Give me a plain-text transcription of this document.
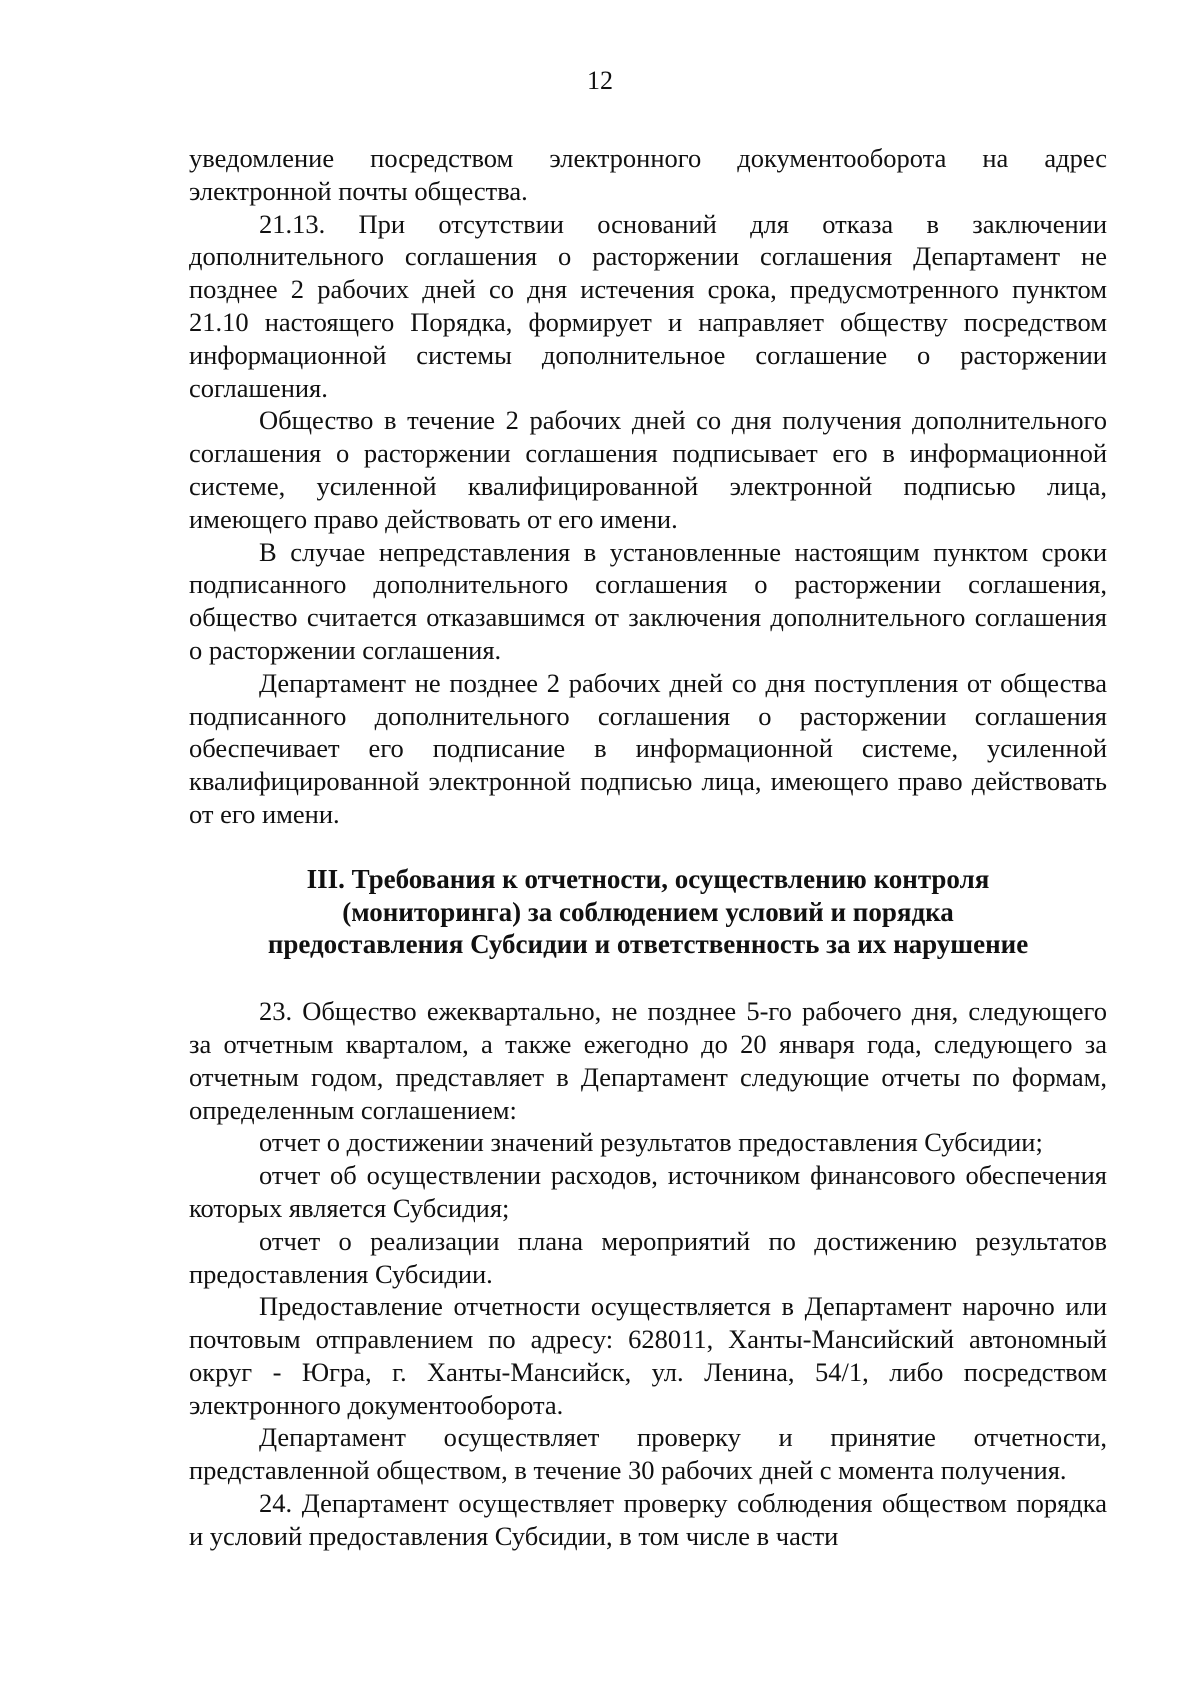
12

уведомление посредством электронного документооборота на адрес электронной почты общества.

21.13. При отсутствии оснований для отказа в заключении дополнительного соглашения о расторжении соглашения Департамент не позднее 2 рабочих дней со дня истечения срока, предусмотренного пунктом 21.10 настоящего Порядка, формирует и направляет обществу посредством информационной системы дополнительное соглашение о расторжении соглашения.

Общество в течение 2 рабочих дней со дня получения дополнительного соглашения о расторжении соглашения подписывает его в информационной системе, усиленной квалифицированной электронной подписью лица, имеющего право действовать от его имени.

В случае непредставления в установленные настоящим пунктом сроки подписанного дополнительного соглашения о расторжении соглашения, общество считается отказавшимся от заключения дополнительного соглашения о расторжении соглашения.

Департамент не позднее 2 рабочих дней со дня поступления от общества подписанного дополнительного соглашения о расторжении соглашения обеспечивает его подписание в информационной системе, усиленной квалифицированной электронной подписью лица, имеющего право действовать от его имени.

III. Требования к отчетности, осуществлению контроля
(мониторинга) за соблюдением условий и порядка
предоставления Субсидии и ответственность за их нарушение

23. Общество ежеквартально, не позднее 5-го рабочего дня, следующего за отчетным кварталом, а также ежегодно до 20 января года, следующего за отчетным годом, представляет в Департамент следующие отчеты по формам, определенным соглашением:

отчет о достижении значений результатов предоставления Субсидии;

отчет об осуществлении расходов, источником финансового обеспечения которых является Субсидия;

отчет о реализации плана мероприятий по достижению результатов предоставления Субсидии.

Предоставление отчетности осуществляется в Департамент нарочно или почтовым отправлением по адресу: 628011, Ханты-Мансийский автономный округ - Югра, г. Ханты-Мансийск, ул. Ленина, 54/1, либо посредством электронного документооборота.

Департамент осуществляет проверку и принятие отчетности, представленной обществом, в течение 30 рабочих дней с момента получения.

24. Департамент осуществляет проверку соблюдения обществом порядка и условий предоставления Субсидии, в том числе в части
